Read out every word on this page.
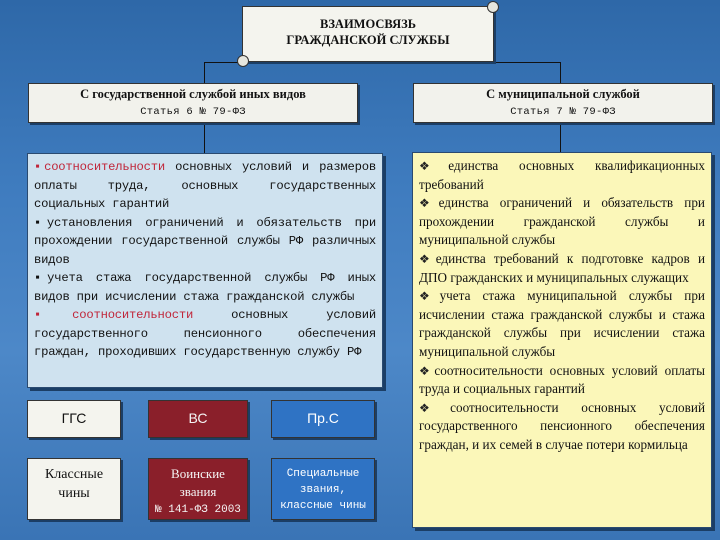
ВЗАИМОСВЯЗЬ
ГРАЖДАНСКОЙ СЛУЖБЫ
С государственной службой иных видов
Статья 6 № 79-ФЗ
С муниципальной службой
Статья 7 № 79-ФЗ

▪соотносительности основных условий и размеров оплаты труда, основных государственных социальных гарантий

▪установления ограничений и обязательств при прохождении государственной службы РФ различных видов

▪учета стажа государственной службы РФ иных видов при исчислении стажа гражданской службы

▪соотносительности основных условий государственного пенсионного обеспечения граждан, проходивших государственную службу РФ

❖единства основных квалификационных требований

❖единства ограничений и обязательств при прохождении гражданской службы и муниципальной службы

❖единства требований к подготовке кадров и ДПО гражданских и муниципальных служащих

❖учета стажа муниципальной службы при исчислении стажа гражданской службы и стажа гражданской службы при исчислении стажа муниципальной службы

❖соотносительности основных условий оплаты труда и социальных гарантий

❖соотносительности основных условий государственного пенсионного обеспечения граждан, и их семей в случае потери кормильца

ГГС	ВС	Пр.С
Классные
чины
Воинские
звания
№ 141-ФЗ 2003
Специальные
звания,
классные чины
